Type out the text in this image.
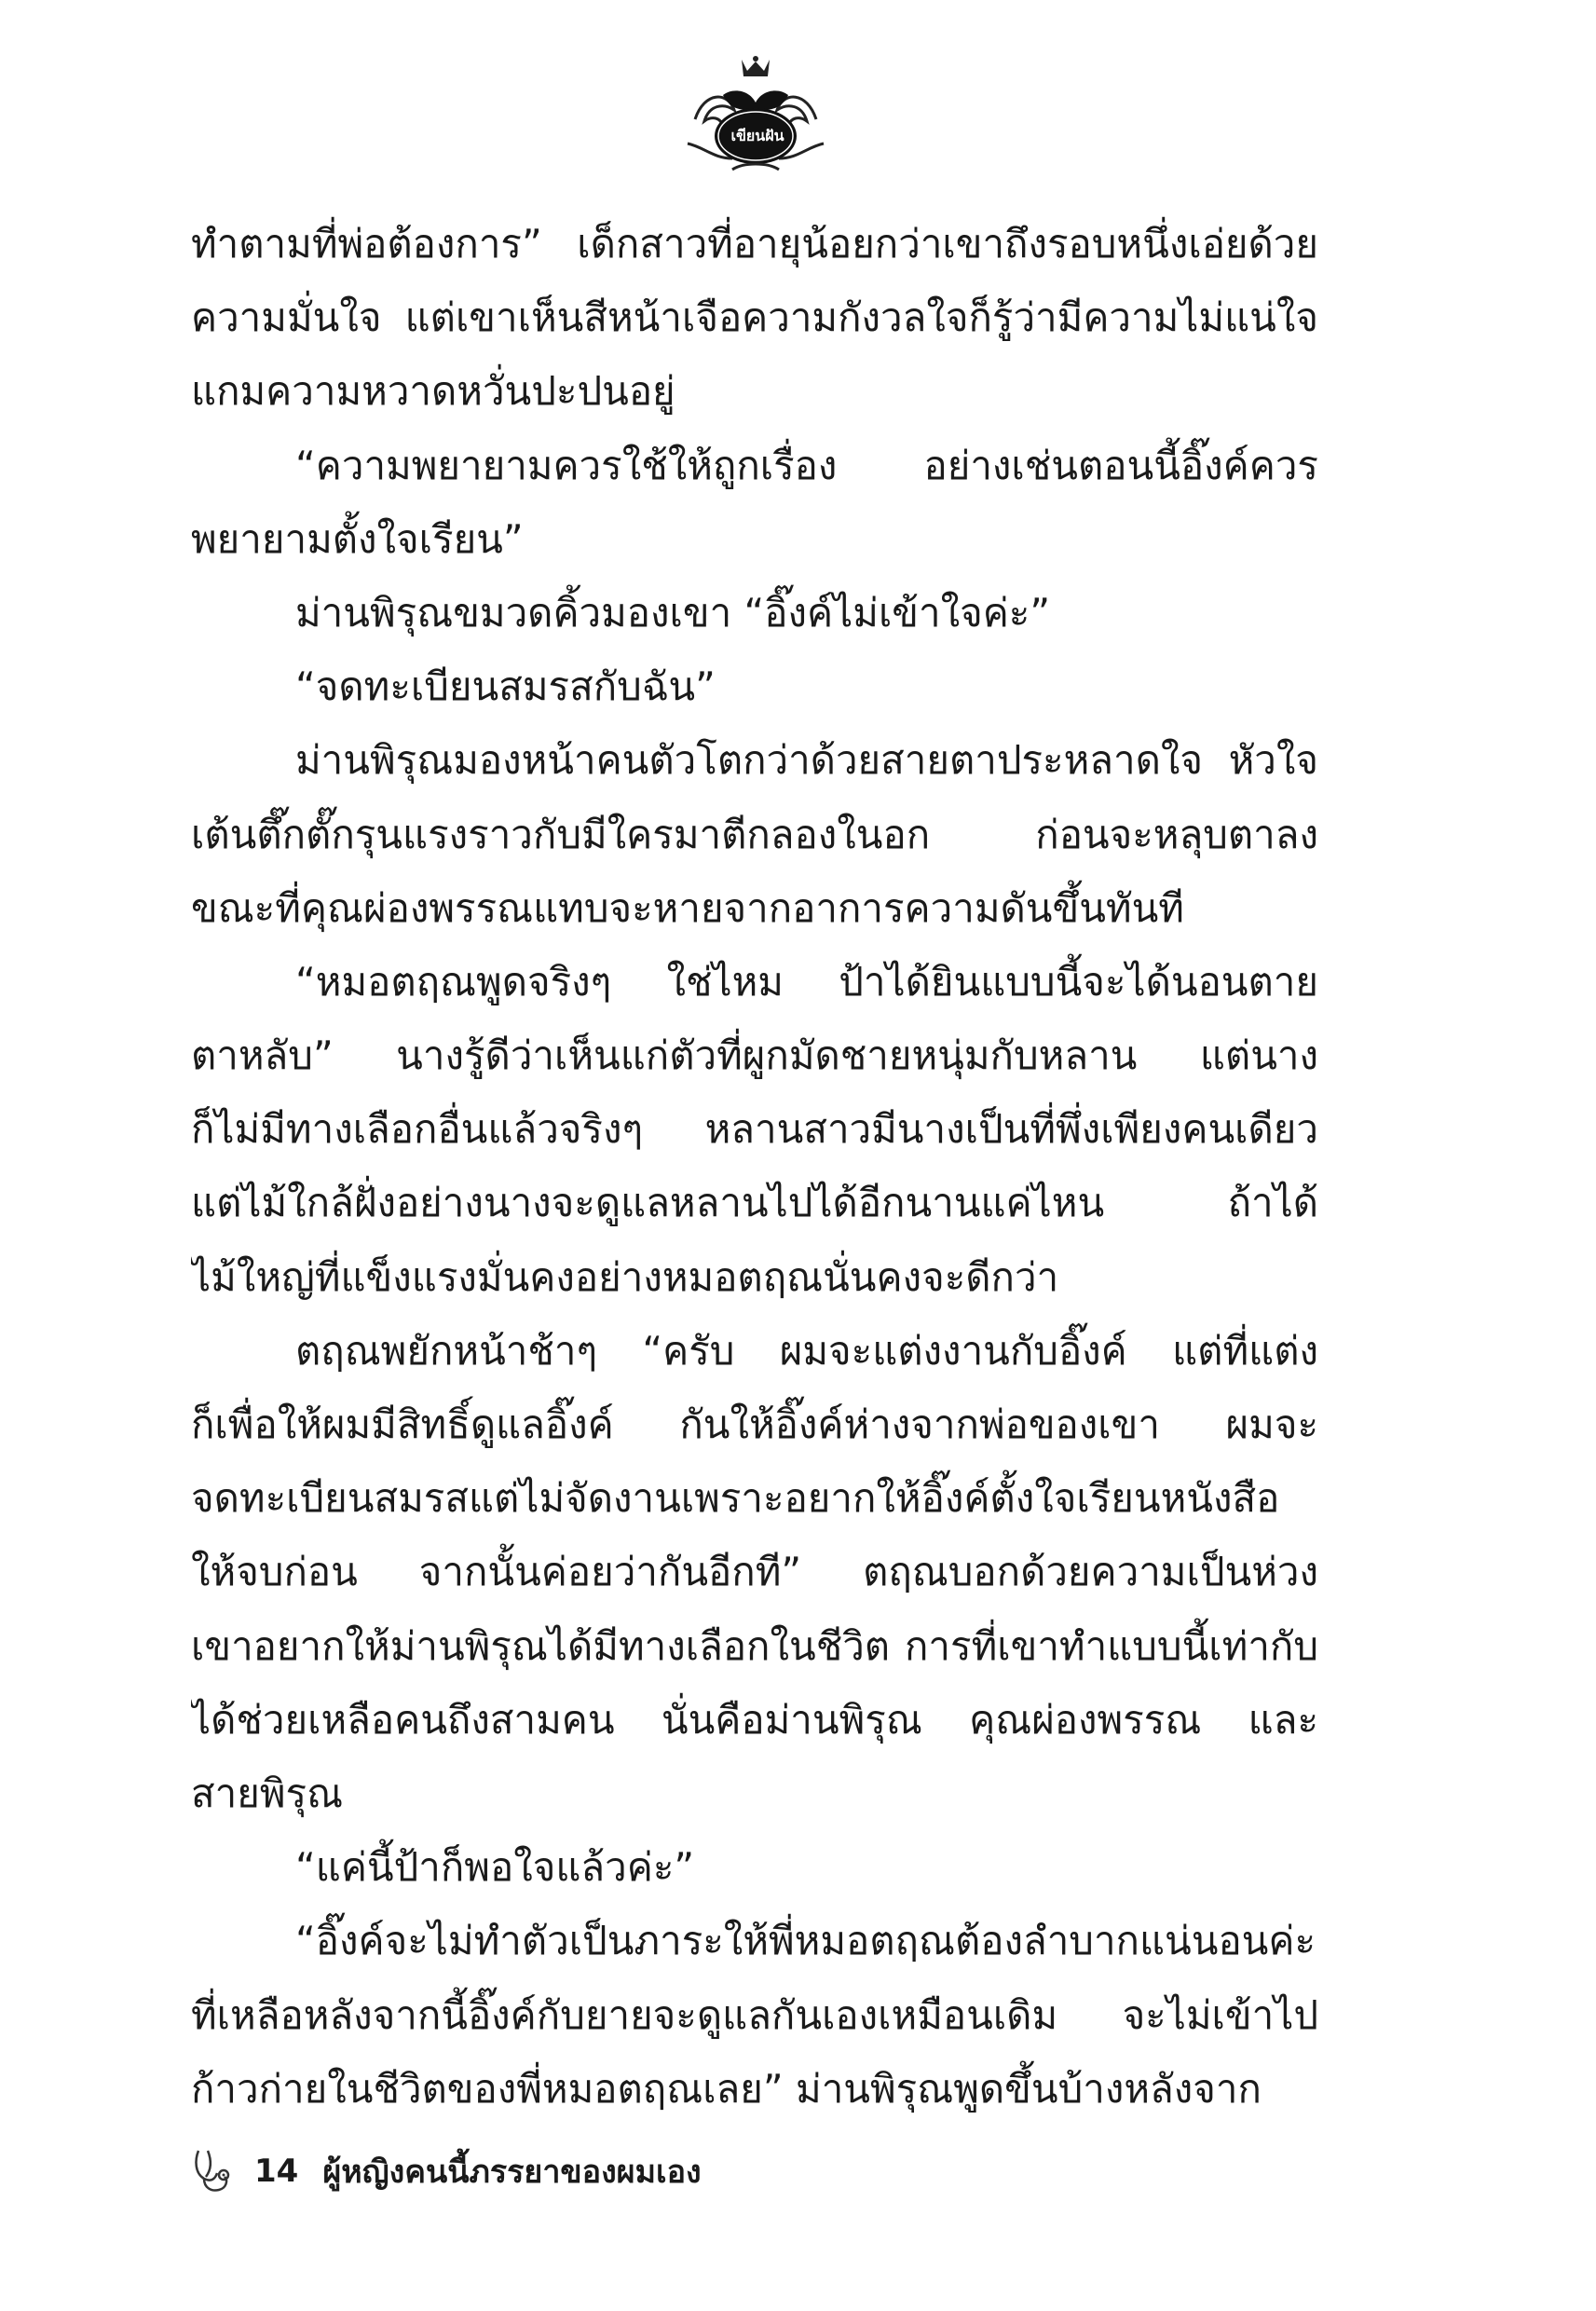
เขียนฝัน
ทำตามที่พ่อต้องการ” เด็กสาวที่อายุน้อยกว่าเขาถึงรอบหนึ่งเอ่ยด้วย
ความมั่นใจ แต่เขาเห็นสีหน้าเจือความกังวลใจก็รู้ว่ามีความไม่แน่ใจ
แกมความหวาดหวั่นปะปนอยู่
“ความพยายามควรใช้ให้ถูกเรื่อง อย่างเช่นตอนนี้อิ๊งค์ควร
พยายามตั้งใจเรียน”
ม่านพิรุณขมวดคิ้วมองเขา “อิ๊งค์ไม่เข้าใจค่ะ”
“จดทะเบียนสมรสกับฉัน”
ม่านพิรุณมองหน้าคนตัวโตกว่าด้วยสายตาประหลาดใจ หัวใจ
เต้นตึ๊กตั๊กรุนแรงราวกับมีใครมาตีกลองในอก ก่อนจะหลุบตาลง
ขณะที่คุณผ่องพรรณแทบจะหายจากอาการความดันขึ้นทันที
“หมอตฤณพูดจริงๆ ใช่ไหม ป้าได้ยินแบบนี้จะได้นอนตาย
ตาหลับ” นางรู้ดีว่าเห็นแก่ตัวที่ผูกมัดชายหนุ่มกับหลาน แต่นาง
ก็ไม่มีทางเลือกอื่นแล้วจริงๆ หลานสาวมีนางเป็นที่พึ่งเพียงคนเดียว
แต่ไม้ใกล้ฝั่งอย่างนางจะดูแลหลานไปได้อีกนานแค่ไหน ถ้าได้
ไม้ใหญ่ที่แข็งแรงมั่นคงอย่างหมอตฤณนั่นคงจะดีกว่า
ตฤณพยักหน้าช้าๆ “ครับ ผมจะแต่งงานกับอิ๊งค์ แต่ที่แต่ง
ก็เพื่อให้ผมมีสิทธิ์ดูแลอิ๊งค์ กันให้อิ๊งค์ห่างจากพ่อของเขา ผมจะ
จดทะเบียนสมรสแต่ไม่จัดงานเพราะอยากให้อิ๊งค์ตั้งใจเรียนหนังสือ
ให้จบก่อน จากนั้นค่อยว่ากันอีกที” ตฤณบอกด้วยความเป็นห่วง
เขาอยากให้ม่านพิรุณได้มีทางเลือกในชีวิต การที่เขาทำแบบนี้เท่ากับ
ได้ช่วยเหลือคนถึงสามคน นั่นคือม่านพิรุณ คุณผ่องพรรณ และ
สายพิรุณ
“แค่นี้ป้าก็พอใจแล้วค่ะ”
“อิ๊งค์จะไม่ทำตัวเป็นภาระให้พี่หมอตฤณต้องลำบากแน่นอนค่ะ
ที่เหลือหลังจากนี้อิ๊งค์กับยายจะดูแลกันเองเหมือนเดิม จะไม่เข้าไป
ก้าวก่ายในชีวิตของพี่หมอตฤณเลย” ม่านพิรุณพูดขึ้นบ้างหลังจาก
14 ผู้หญิงคนนี้ภรรยาของผมเอง
